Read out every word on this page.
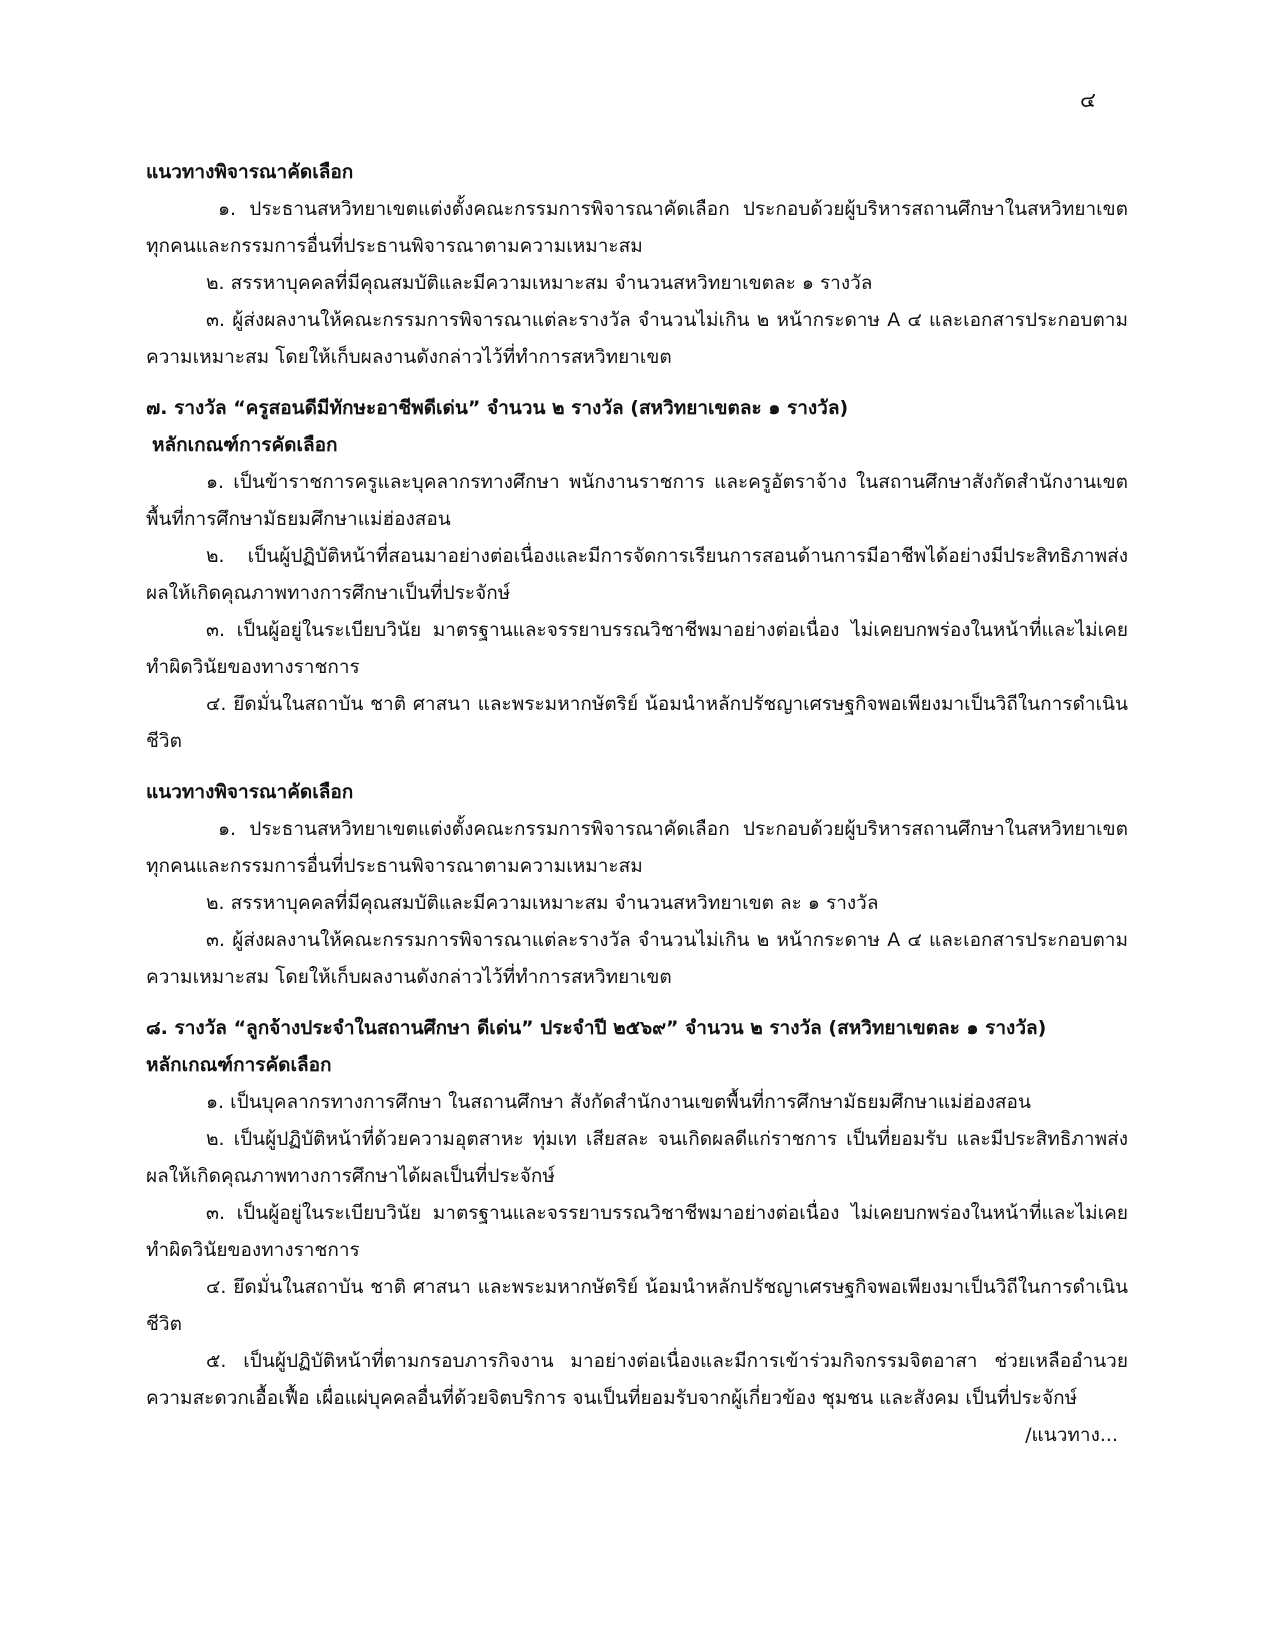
๔

แนวทางพิจารณาคัดเลือก

๑. ประธานสหวิทยาเขตแต่งตั้งคณะกรรมการพิจารณาคัดเลือก ประกอบด้วยผู้บริหารสถานศึกษาในสหวิทยาเขตทุกคนและกรรมการอื่นที่ประธานพิจารณาตามความเหมาะสม

๒. สรรหาบุคคลที่มีคุณสมบัติและมีความเหมาะสม จำนวนสหวิทยาเขตละ ๑ รางวัล

๓. ผู้ส่งผลงานให้คณะกรรมการพิจารณาแต่ละรางวัล จำนวนไม่เกิน ๒ หน้ากระดาษ A ๔ และเอกสารประกอบตามความเหมาะสม โดยให้เก็บผลงานดังกล่าวไว้ที่ทำการสหวิทยาเขต

๗. รางวัล “ครูสอนดีมีทักษะอาชีพดีเด่น” จำนวน ๒ รางวัล (สหวิทยาเขตละ ๑ รางวัล)

หลักเกณฑ์การคัดเลือก

๑. เป็นข้าราชการครูและบุคลากรทางศึกษา พนักงานราชการ และครูอัตราจ้าง ในสถานศึกษาสังกัดสำนักงานเขต พื้นที่การศึกษามัธยมศึกษาแม่ฮ่องสอน

๒. เป็นผู้ปฏิบัติหน้าที่สอนมาอย่างต่อเนื่องและมีการจัดการเรียนการสอนด้านการมีอาชีพได้อย่างมีประสิทธิภาพส่งผลให้เกิดคุณภาพทางการศึกษาเป็นที่ประจักษ์

๓. เป็นผู้อยู่ในระเบียบวินัย มาตรฐานและจรรยาบรรณวิชาชีพมาอย่างต่อเนื่อง ไม่เคยบกพร่องในหน้าที่และไม่เคยทำผิดวินัยของทางราชการ

๔. ยึดมั่นในสถาบัน ชาติ ศาสนา และพระมหากษัตริย์ น้อมนำหลักปรัชญาเศรษฐกิจพอเพียงมาเป็นวิถีในการดำเนินชีวิต

แนวทางพิจารณาคัดเลือก

๑. ประธานสหวิทยาเขตแต่งตั้งคณะกรรมการพิจารณาคัดเลือก ประกอบด้วยผู้บริหารสถานศึกษาในสหวิทยาเขตทุกคนและกรรมการอื่นที่ประธานพิจารณาตามความเหมาะสม

๒. สรรหาบุคคลที่มีคุณสมบัติและมีความเหมาะสม จำนวนสหวิทยาเขต ละ ๑ รางวัล

๓. ผู้ส่งผลงานให้คณะกรรมการพิจารณาแต่ละรางวัล จำนวนไม่เกิน ๒ หน้ากระดาษ A ๔ และเอกสารประกอบตามความเหมาะสม โดยให้เก็บผลงานดังกล่าวไว้ที่ทำการสหวิทยาเขต

๘. รางวัล “ลูกจ้างประจำในสถานศึกษา ดีเด่น” ประจำปี ๒๕๖๙” จำนวน ๒ รางวัล (สหวิทยาเขตละ ๑ รางวัล)

หลักเกณฑ์การคัดเลือก

๑. เป็นบุคลากรทางการศึกษา ในสถานศึกษา สังกัดสำนักงานเขตพื้นที่การศึกษามัธยมศึกษาแม่ฮ่องสอน

๒. เป็นผู้ปฏิบัติหน้าที่ด้วยความอุตสาหะ ทุ่มเท เสียสละ จนเกิดผลดีแก่ราชการ เป็นที่ยอมรับ และมีประสิทธิภาพส่งผลให้เกิดคุณภาพทางการศึกษาได้ผลเป็นที่ประจักษ์

๓. เป็นผู้อยู่ในระเบียบวินัย มาตรฐานและจรรยาบรรณวิชาชีพมาอย่างต่อเนื่อง ไม่เคยบกพร่องในหน้าที่และไม่เคยทำผิดวินัยของทางราชการ

๔. ยึดมั่นในสถาบัน ชาติ ศาสนา และพระมหากษัตริย์ น้อมนำหลักปรัชญาเศรษฐกิจพอเพียงมาเป็นวิถีในการดำเนินชีวิต

๕. เป็นผู้ปฏิบัติหน้าที่ตามกรอบภารกิจงาน มาอย่างต่อเนื่องและมีการเข้าร่วมกิจกรรมจิตอาสา ช่วยเหลืออำนวยความสะดวกเอื้อเฟื้อ เผื่อแผ่บุคคลอื่นที่ด้วยจิตบริการ จนเป็นที่ยอมรับจากผู้เกี่ยวข้อง ชุมชน และสังคม เป็นที่ประจักษ์

/แนวทาง...
